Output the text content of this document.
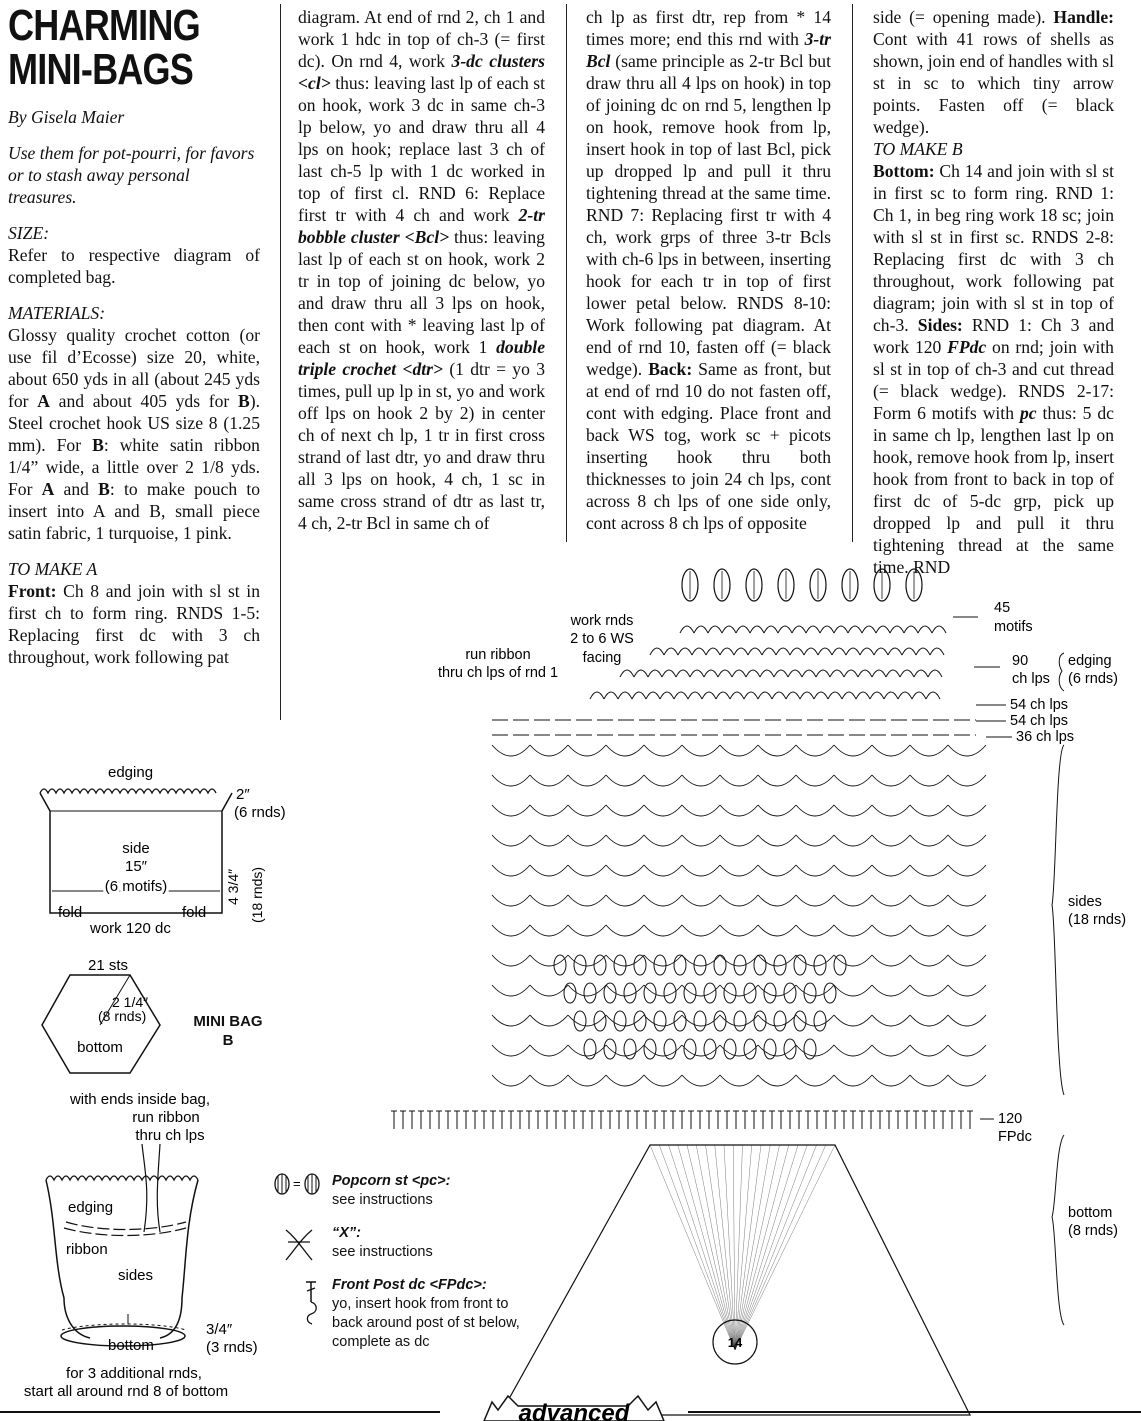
CHARMING
MINI-BAGS

By Gisela Maier

Use them for pot-pourri, for favors or to stash away personal treasures.

SIZE:

Refer to respective diagram of completed bag.

MATERIALS:

Glossy quality crochet cotton (or use fil d’Ecosse) size 20, white, about 650 yds in all (about 245 yds for A and about 405 yds for B). Steel crochet hook US size 8 (1.25 mm). For B: white satin ribbon 1/4” wide, a little over 2 1/8 yds. For A and B: to make pouch to insert into A and B, small piece satin fabric, 1 turquoise, 1 pink.

TO MAKE A

Front: Ch 8 and join with sl st in first ch to form ring. RNDS 1-5: Replacing first dc with 3 ch throughout, work following pat

diagram. At end of rnd 2, ch 1 and work 1 hdc in top of ch-3 (= first dc). On rnd 4, work 3-dc clusters <cl> thus: leaving last lp of each st on hook, work 3 dc in same ch-3 lp below, yo and draw thru all 4 lps on hook; replace last 3 ch of last ch-5 lp with 1 dc worked in top of first cl. RND 6: Replace first tr with 4 ch and work 2-tr bobble cluster <Bcl> thus: leaving last lp of each st on hook, work 2 tr in top of joining dc below, yo and draw thru all 3 lps on hook, then cont with * leaving last lp of each st on hook, work 1 double triple crochet <dtr> (1 dtr = yo 3 times, pull up lp in st, yo and work off lps on hook 2 by 2) in center ch of next ch lp, 1 tr in first cross strand of last dtr, yo and draw thru all 3 lps on hook, 4 ch, 1 sc in same cross strand of dtr as last tr, 4 ch, 2-tr Bcl in same ch of

ch lp as first dtr, rep from * 14 times more; end this rnd with 3-tr Bcl (same principle as 2-tr Bcl but draw thru all 4 lps on hook) in top of joining dc on rnd 5, lengthen lp on hook, remove hook from lp, insert hook in top of last Bcl, pick up dropped lp and pull it thru tightening thread at the same time. RND 7: Replacing first tr with 4 ch, work grps of three 3-tr Bcls with ch-6 lps in between, inserting hook for each tr in top of first lower petal below. RNDS 8-10: Work following pat diagram. At end of rnd 10, fasten off (= black wedge). Back: Same as front, but at end of rnd 10 do not fasten off, cont with edging. Place front and back WS tog, work sc + picots inserting hook thru both thicknesses to join 24 ch lps, cont across 8 ch lps of one side only, cont across 8 ch lps of opposite

side (= opening made). Handle: Cont with 41 rows of shells as shown, join end of handles with sl st in sc to which tiny arrow points. Fasten off (= black wedge).

TO MAKE B

Bottom: Ch 14 and join with sl st in first sc to form ring. RND 1: Ch 1, in beg ring work 18 sc; join with sl st in first sc. RNDS 2-8: Replacing first dc with 3 ch throughout, work following pat diagram; join with sl st in top of ch-3. Sides: RND 1: Ch 3 and work 120 FPdc on rnd; join with sl st in top of ch-3 and cut thread (= black wedge). RNDS 2-17: Form 6 motifs with pc thus: 5 dc in same ch lp, lengthen last lp on hook, remove hook from lp, insert hook from front to back in top of first dc of 5-dc grp, pick up dropped lp and pull it thru tightening thread at the same time. RND

edging
side
15″
(6 motifs)
fold	fold
work 120 dc
2″
(6 rnds)
4 3/4″ (18 rnds)
21 sts
2 1/4″
(8 rnds)
bottom
MINI BAG
B
with ends inside bag,
run ribbon
thru ch lps
edging
ribbon
sides
bottom
3/4″
(3 rnds)
for 3 additional rnds,
start all around rnd 8 of bottom
work rnds
2 to 6 WS
facing
run ribbon
thru ch lps of rnd 1
45
motifs
90
ch lps
edging
(6 rnds)
54 ch lps
54 ch lps
36 ch lps
sides
(18 rnds)
120
FPdc
bottom
(8 rnds)
14
= Popcorn st <pc>:
see instructions
“X”:
see instructions
Front Post dc <FPdc>:
yo, insert hook from front to back around post of st below, complete as dc
advanced
